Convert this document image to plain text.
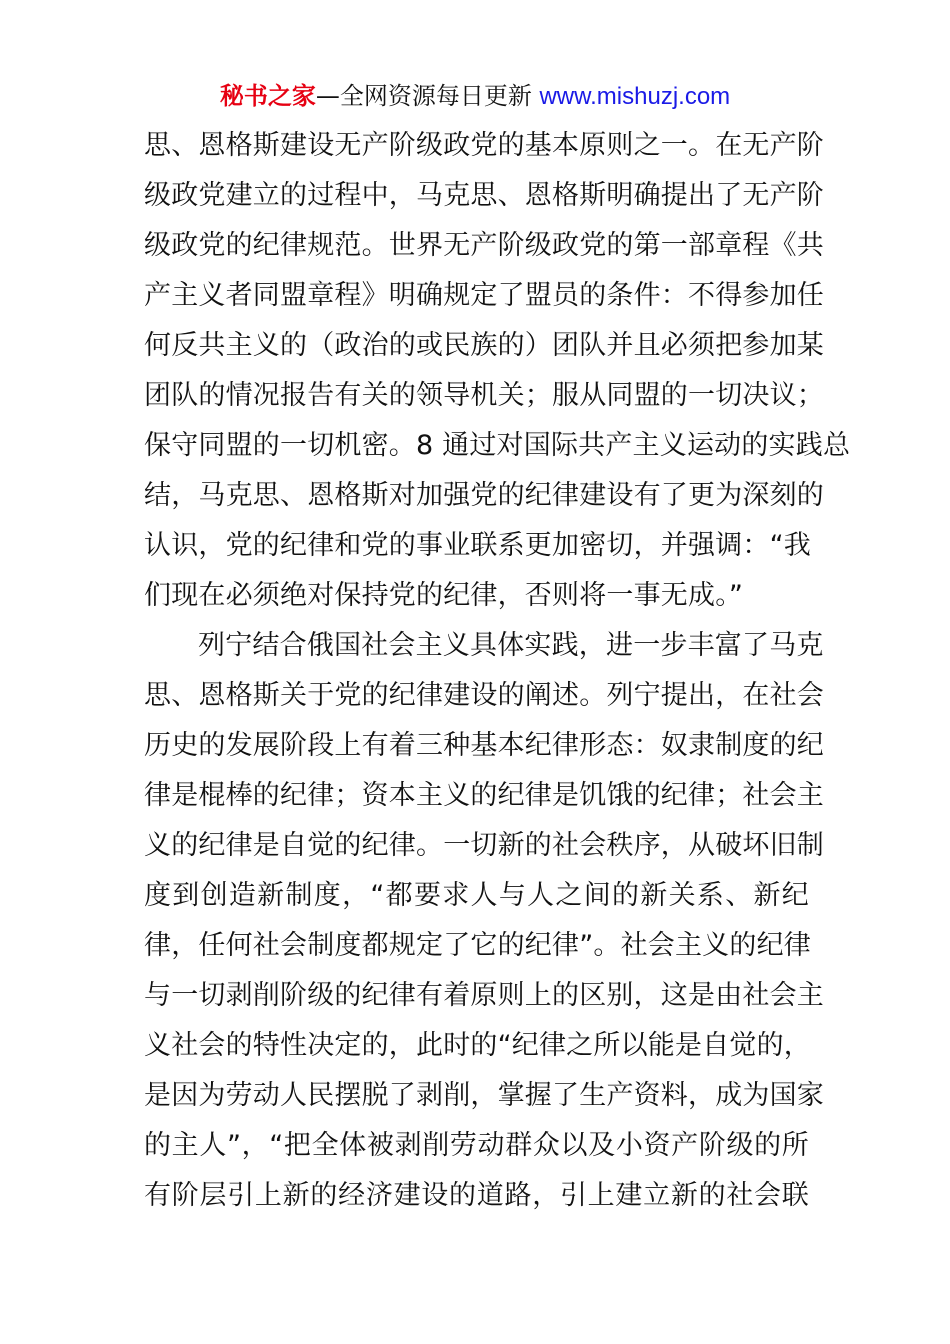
秘书之家—全网资源每日更新 www.mishuzj.com
思、恩格斯建设无产阶级政党的基本原则之一。在无产阶
级政党建立的过程中，马克思、恩格斯明确提出了无产阶
级政党的纪律规范。世界无产阶级政党的第一部章程《共
产主义者同盟章程》明确规定了盟员的条件：不得参加任
何反共主义的（政治的或民族的）团队并且必须把参加某
团队的情况报告有关的领导机关；服从同盟的一切决议；
保守同盟的一切机密。8 通过对国际共产主义运动的实践总
结，马克思、恩格斯对加强党的纪律建设有了更为深刻的
认识，党的纪律和党的事业联系更加密切，并强调：“我
们现在必须绝对保持党的纪律，否则将一事无成。”
列宁结合俄国社会主义具体实践，进一步丰富了马克
思、恩格斯关于党的纪律建设的阐述。列宁提出，在社会
历史的发展阶段上有着三种基本纪律形态：奴隶制度的纪
律是棍棒的纪律；资本主义的纪律是饥饿的纪律；社会主
义的纪律是自觉的纪律。一切新的社会秩序，从破坏旧制
度到创造新制度，“都要求人与人之间的新关系、新纪
律，任何社会制度都规定了它的纪律”。社会主义的纪律
与一切剥削阶级的纪律有着原则上的区别，这是由社会主
义社会的特性决定的，此时的“纪律之所以能是自觉的，
是因为劳动人民摆脱了剥削，掌握了生产资料，成为国家
的主人”，“把全体被剥削劳动群众以及小资产阶级的所
有阶层引上新的经济建设的道路，引上建立新的社会联
